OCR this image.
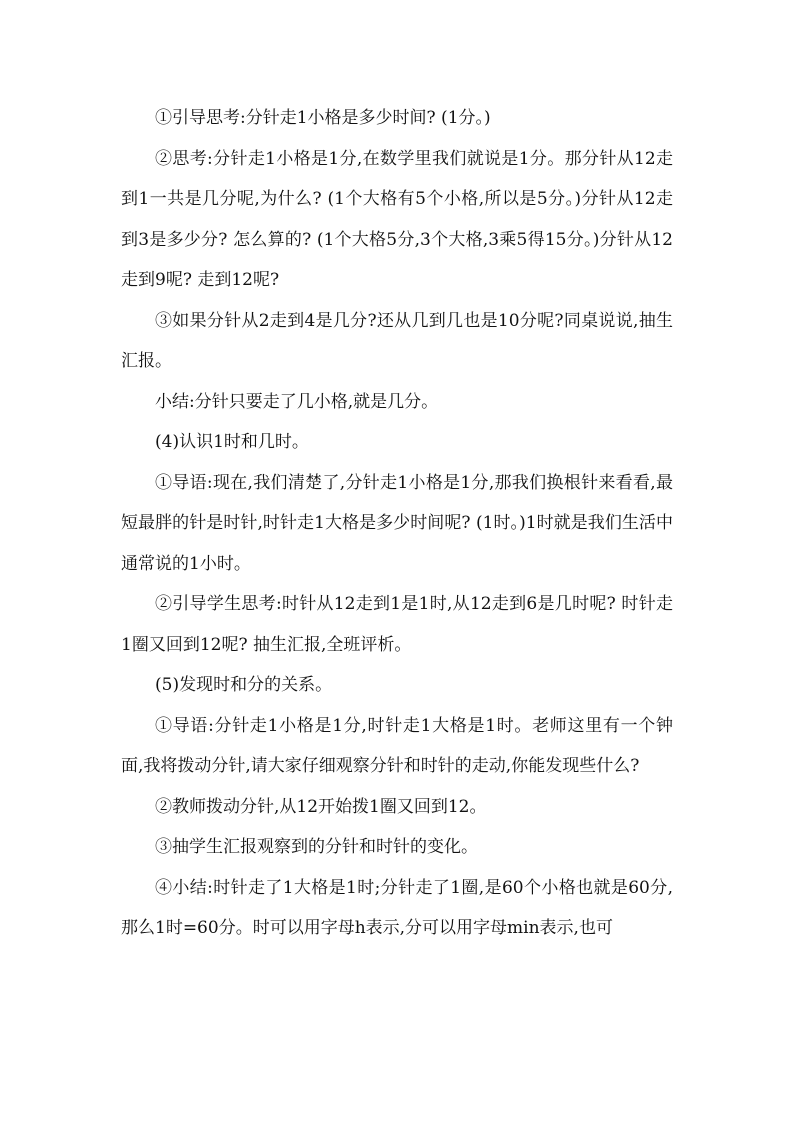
①引导思考:分针走1小格是多少时间? (1分。)

②思考:分针走1小格是1分,在数学里我们就说是1分。那分针从12走到1一共是几分呢,为什么? (1个大格有5个小格,所以是5分。)分针从12走到3是多少分? 怎么算的? (1个大格5分,3个大格,3乘5得15分。)分针从12走到9呢? 走到12呢?

③如果分针从2走到4是几分?还从几到几也是10分呢?同桌说说,抽生汇报。

小结:分针只要走了几小格,就是几分。

(4)认识1时和几时。

①导语:现在,我们清楚了,分针走1小格是1分,那我们换根针来看看,最短最胖的针是时针,时针走1大格是多少时间呢? (1时。)1时就是我们生活中通常说的1小时。

②引导学生思考:时针从12走到1是1时,从12走到6是几时呢? 时针走1圈又回到12呢? 抽生汇报,全班评析。

(5)发现时和分的关系。

①导语:分针走1小格是1分,时针走1大格是1时。老师这里有一个钟面,我将拨动分针,请大家仔细观察分针和时针的走动,你能发现些什么?

②教师拨动分针,从12开始拨1圈又回到12。

③抽学生汇报观察到的分针和时针的变化。

④小结:时针走了1大格是1时;分针走了1圈,是60个小格也就是60分,那么1时=60分。时可以用字母h表示,分可以用字母min表示,也可
